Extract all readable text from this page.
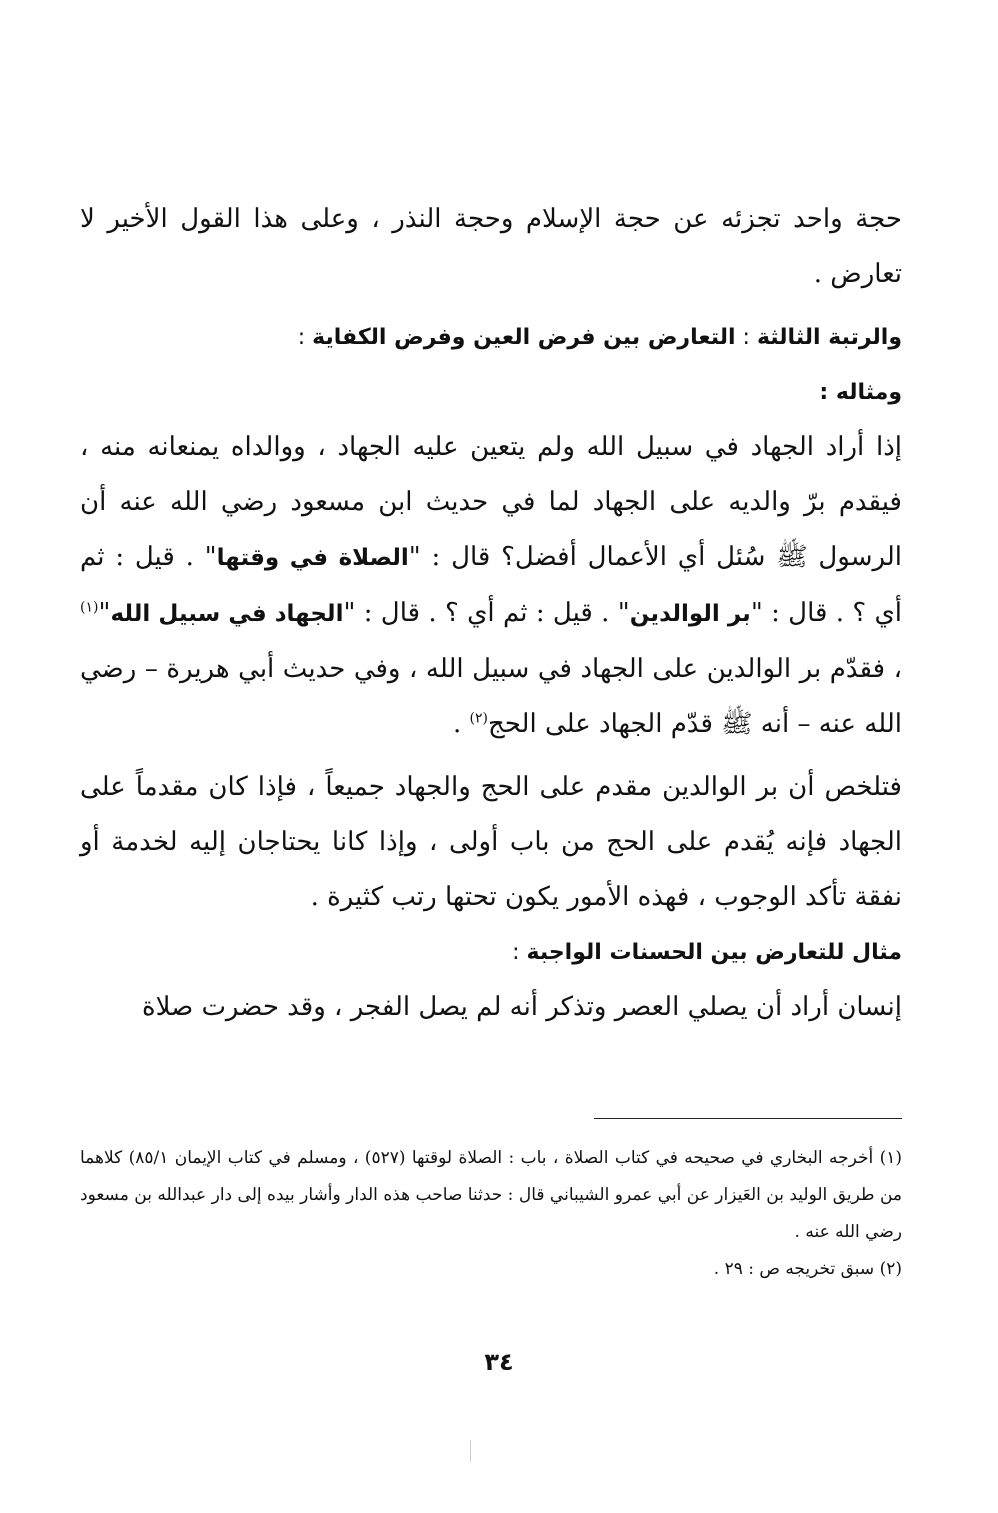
حجة واحد تجزئه عن حجة الإسلام وحجة النذر ، وعلى هذا القول الأخير لا تعارض .

والرتبة الثالثة : التعارض بين فرض العين وفرض الكفاية :

ومثاله :

إذا أراد الجهاد في سبيل الله ولم يتعين عليه الجهاد ، ووالداه يمنعانه منه ، فيقدم برّ والديه على الجهاد لما في حديث ابن مسعود رضي الله عنه أن الرسول ﷺ سُئل أي الأعمال أفضل؟ قال : "الصلاة في وقتها" . قيل : ثم أي ؟ . قال : "بر الوالدين" . قيل : ثم أي ؟ . قال : "الجهاد في سبيل الله"$^{(١)}$ ، فقدّم بر الوالدين على الجهاد في سبيل الله ، وفي حديث أبي هريرة – رضي الله عنه – أنه ﷺ قدّم الجهاد على الحج$^{(٢)}$ .

فتلخص أن بر الوالدين مقدم على الحج والجهاد جميعاً ، فإذا كان مقدماً على الجهاد فإنه يُقدم على الحج من باب أولى ، وإذا كانا يحتاجان إليه لخدمة أو نفقة تأكد الوجوب ، فهذه الأمور يكون تحتها رتب كثيرة .

مثال للتعارض بين الحسنات الواجبة :

إنسان أراد أن يصلي العصر وتذكر أنه لم يصل الفجر ، وقد حضرت صلاة

(١) أخرجه البخاري في صحيحه في كتاب الصلاة ، باب : الصلاة لوقتها (٥٢٧) ، ومسلم في كتاب الإيمان ٨٥/١) كلاهما من طريق الوليد بن العَيزار عن أبي عمرو الشيباني قال : حدثنا صاحب هذه الدار وأشار بيده إلى دار عبدالله بن مسعود رضي الله عنه .

(٢) سبق تخريجه ص : ٢٩ .

٣٤
